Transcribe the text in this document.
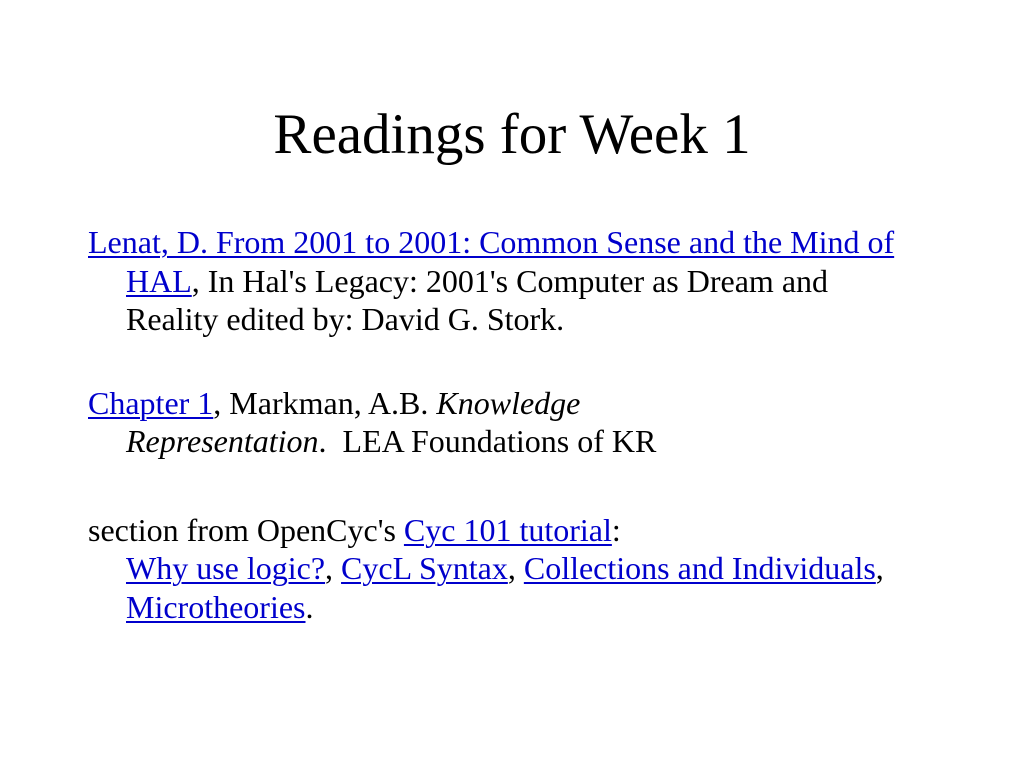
Readings for Week 1

Lenat, D. From 2001 to 2001: Common Sense and the Mind of HAL, In Hal's Legacy: 2001's Computer as Dream and Reality edited by: David G. Stork.

Chapter 1, Markman, A.B. Knowledge Representation.  LEA Foundations of KR

section from OpenCyc's Cyc 101 tutorial:
Why use logic?, CycL Syntax, Collections and Individuals, Microtheories.
